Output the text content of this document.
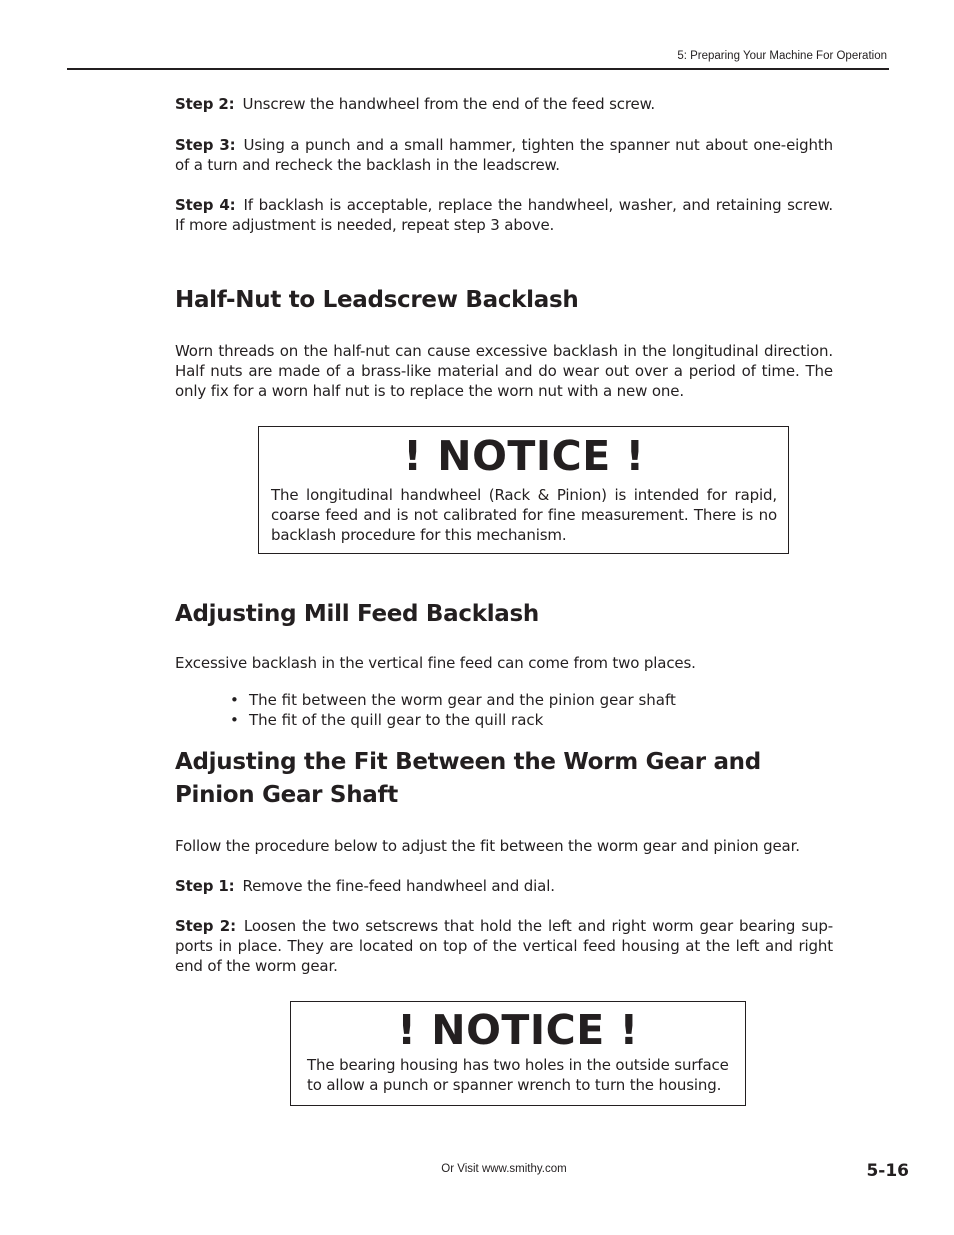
5: Preparing Your Machine For Operation
Step 2: Unscrew the handwheel from the end of the feed screw.
Step 3: Using a punch and a small hammer, tighten the spanner nut about one-eighth of a turn and recheck the backlash in the leadscrew.
Step 4: If backlash is acceptable, replace the handwheel, washer, and retaining screw. If more adjustment is needed, repeat step 3 above.
Half-Nut to Leadscrew Backlash
Worn threads on the half-nut can cause excessive backlash in the longitudinal direction. Half nuts are made of a brass-like material and do wear out over a period of time. The only fix for a worn half nut is to replace the worn nut with a new one.
! NOTICE !
The longitudinal handwheel (Rack & Pinion) is intended for rapid, coarse feed and is not calibrated for fine measurement. There is no backlash procedure for this mechanism.
Adjusting Mill Feed Backlash
Excessive backlash in the vertical fine feed can come from two places.
• The fit between the worm gear and the pinion gear shaft
• The fit of the quill gear to the quill rack
Adjusting the Fit Between the Worm Gear and Pinion Gear Shaft
Follow the procedure below to adjust the fit between the worm gear and pinion gear.
Step 1: Remove the fine-feed handwheel and dial.
Step 2: Loosen the two setscrews that hold the left and right worm gear bearing sup-ports in place. They are located on top of the vertical feed housing at the left and right end of the worm gear.
! NOTICE !
The bearing housing has two holes in the outside surface to allow a punch or spanner wrench to turn the housing.
Or Visit www.smithy.com	5-16
